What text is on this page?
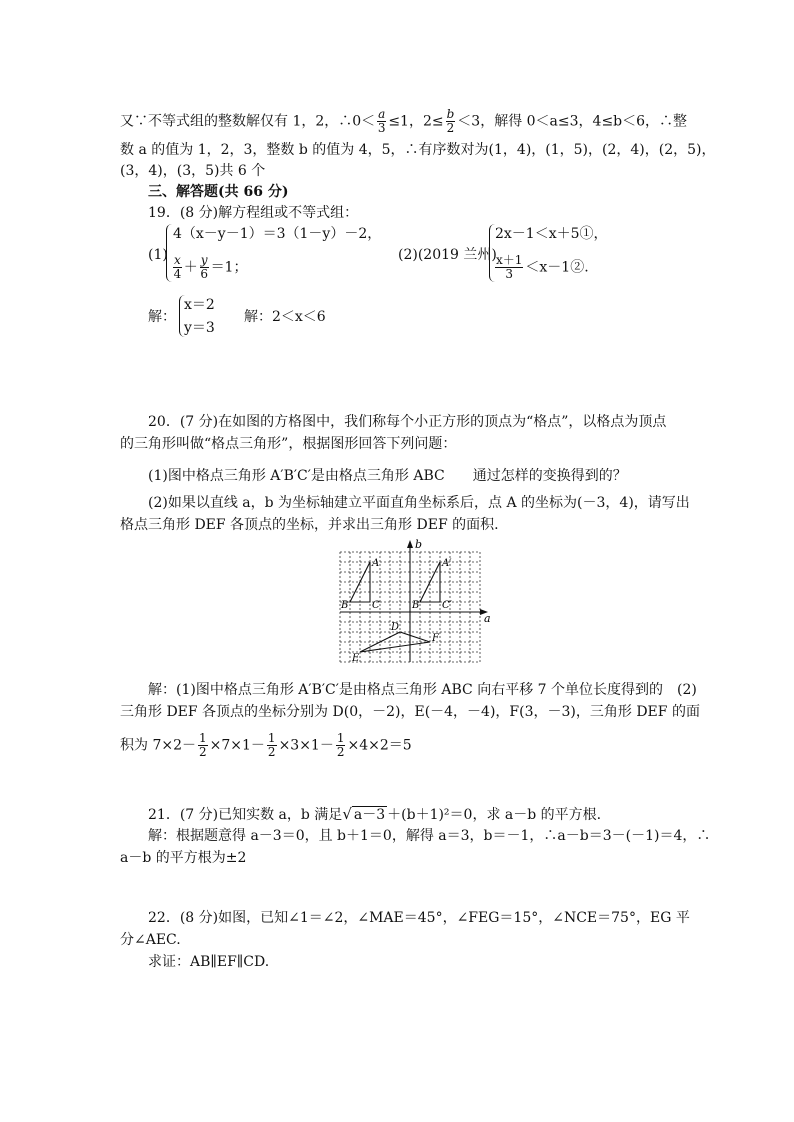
又∵不等式组的整数解仅有 1，2，∴0＜ $\frac{a}{3} \le 1$，$2\le \frac{b}{2} <3$，解得 0＜a≤3，4≤b＜6，∴整
数 a 的值为 1，2，3，整数 b 的值为 4，5，∴有序数对为(1，4)，(1，5)，(2，4)，(2，5)，
(3，4)，(3，5)共 6 个
三、解答题(共 66 分)
19．(8 分)解方程组或不等式组：
(1)
4（x－y－1）＝3（1－y）－2，
$\frac{x}{4} + \frac{y}{6} =1$；
(2)(2019 兰州)
2x－1＜x＋5①，
$\frac{x+1}{3}$ ＜x－1②.
解：
x＝2
y＝3
解：2＜x＜6
20．(7 分)在如图的方格图中，我们称每个小正方形的顶点为“格点”，以格点为顶点
的三角形叫做“格点三角形”，根据图形回答下列问题：
(1)图中格点三角形 A′B′C′是由格点三角形 ABC　　通过怎样的变换得到的？
(2)如果以直线 a，b 为坐标轴建立平面直角坐标系后，点 A 的坐标为(－3，4)，请写出
格点三角形 DEF 各顶点的坐标，并求出三角形 DEF 的面积.
b
a
A
B C
A′
B′ C′
D
E
F
解：(1)图中格点三角形 A′B′C′是由格点三角形 ABC 向右平移 7 个单位长度得到的　(2)
三角形 DEF 各顶点的坐标分别为 D(0，－2)，E(－4，－4)，F(3，－3)，三角形 DEF 的面
积为 $7\times 2- \frac{1}{2} \times 7\times 1- \frac{1}{2} \times 3\times 1- \frac{1}{2} \times 4\times 2=5$
21．(7 分)已知实数 a，b 满足√ a－3 ＋(b＋1)²＝0，求 a－b 的平方根.
解：根据题意得 a－3＝0，且 b＋1＝0，解得 a＝3，b＝－1，∴a－b＝3－(－1)＝4，∴
a－b 的平方根为±2
22．(8 分)如图，已知∠1＝∠2，∠MAE＝45°，∠FEG＝15°，∠NCE＝75°，EG 平
分∠AEC.
求证：AB∥EF∥CD.
